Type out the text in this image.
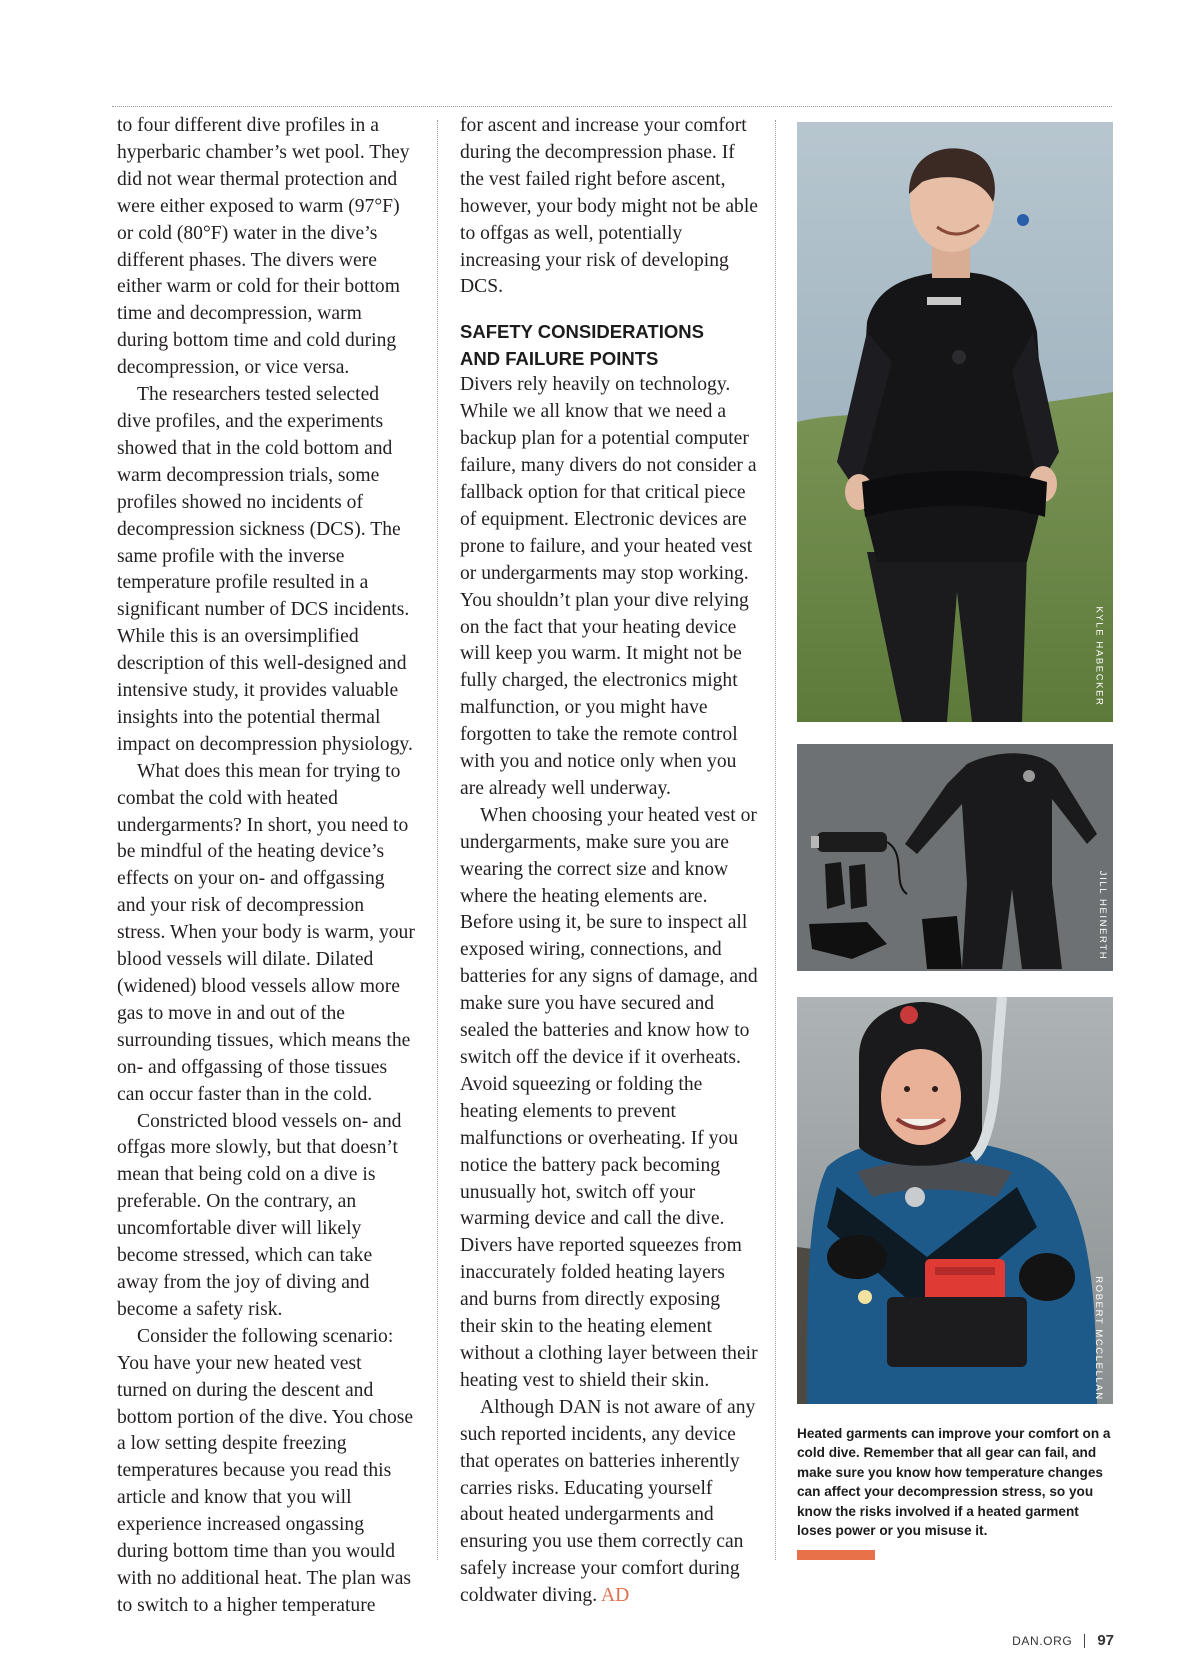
to four different dive profiles in a hyperbaric chamber’s wet pool. They did not wear thermal protection and were either exposed to warm (97°F) or cold (80°F) water in the dive’s different phases. The divers were either warm or cold for their bottom time and decompression, warm during bottom time and cold during decompression, or vice versa.

The researchers tested selected dive profiles, and the experiments showed that in the cold bottom and warm decompression trials, some profiles showed no incidents of decompression sickness (DCS). The same profile with the inverse temperature profile resulted in a significant number of DCS incidents. While this is an oversimplified description of this well-designed and intensive study, it provides valuable insights into the potential thermal impact on decompression physiology.

What does this mean for trying to combat the cold with heated undergarments? In short, you need to be mindful of the heating device’s effects on your on- and offgassing and your risk of decompression stress. When your body is warm, your blood vessels will dilate. Dilated (widened) blood vessels allow more gas to move in and out of the surrounding tissues, which means the on- and offgassing of those tissues can occur faster than in the cold.

Constricted blood vessels on- and offgas more slowly, but that doesn’t mean that being cold on a dive is preferable. On the contrary, an uncomfortable diver will likely become stressed, which can take away from the joy of diving and become a safety risk.

Consider the following scenario: You have your new heated vest turned on during the descent and bottom portion of the dive. You chose a low setting despite freezing temperatures because you read this article and know that you will experience increased ongassing during bottom time than you would with no additional heat. The plan was to switch to a higher temperature

for ascent and increase your comfort during the decompression phase. If the vest failed right before ascent, however, your body might not be able to offgas as well, potentially increasing your risk of developing DCS.

SAFETY CONSIDERATIONS
AND FAILURE POINTS

Divers rely heavily on technology. While we all know that we need a backup plan for a potential computer failure, many divers do not consider a fallback option for that critical piece of equipment. Electronic devices are prone to failure, and your heated vest or undergarments may stop working. You shouldn’t plan your dive relying on the fact that your heating device will keep you warm. It might not be fully charged, the electronics might malfunction, or you might have forgotten to take the remote control with you and notice only when you are already well underway.

When choosing your heated vest or undergarments, make sure you are wearing the correct size and know where the heating elements are. Before using it, be sure to inspect all exposed wiring, connections, and batteries for any signs of damage, and make sure you have secured and sealed the batteries and know how to switch off the device if it overheats. Avoid squeezing or folding the heating elements to prevent malfunctions or overheating. If you notice the battery pack becoming unusually hot, switch off your warming device and call the dive. Divers have reported squeezes from inaccurately folded heating layers and burns from directly exposing their skin to the heating element without a clothing layer between their heating vest to shield their skin.

Although DAN is not aware of any such reported incidents, any device that operates on batteries inherently carries risks. Educating yourself about heated undergarments and ensuring you use them correctly can safely increase your comfort during coldwater diving. AD

KYLE HABECKER
JILL HEINERTH
ROBERT MCCLELLAN
Heated garments can improve your comfort on a cold dive. Remember that all gear can fail, and make sure you know how temperature changes can affect your decompression stress, so you know the risks involved if a heated garment loses power or you misuse it.
DAN.ORG 97
